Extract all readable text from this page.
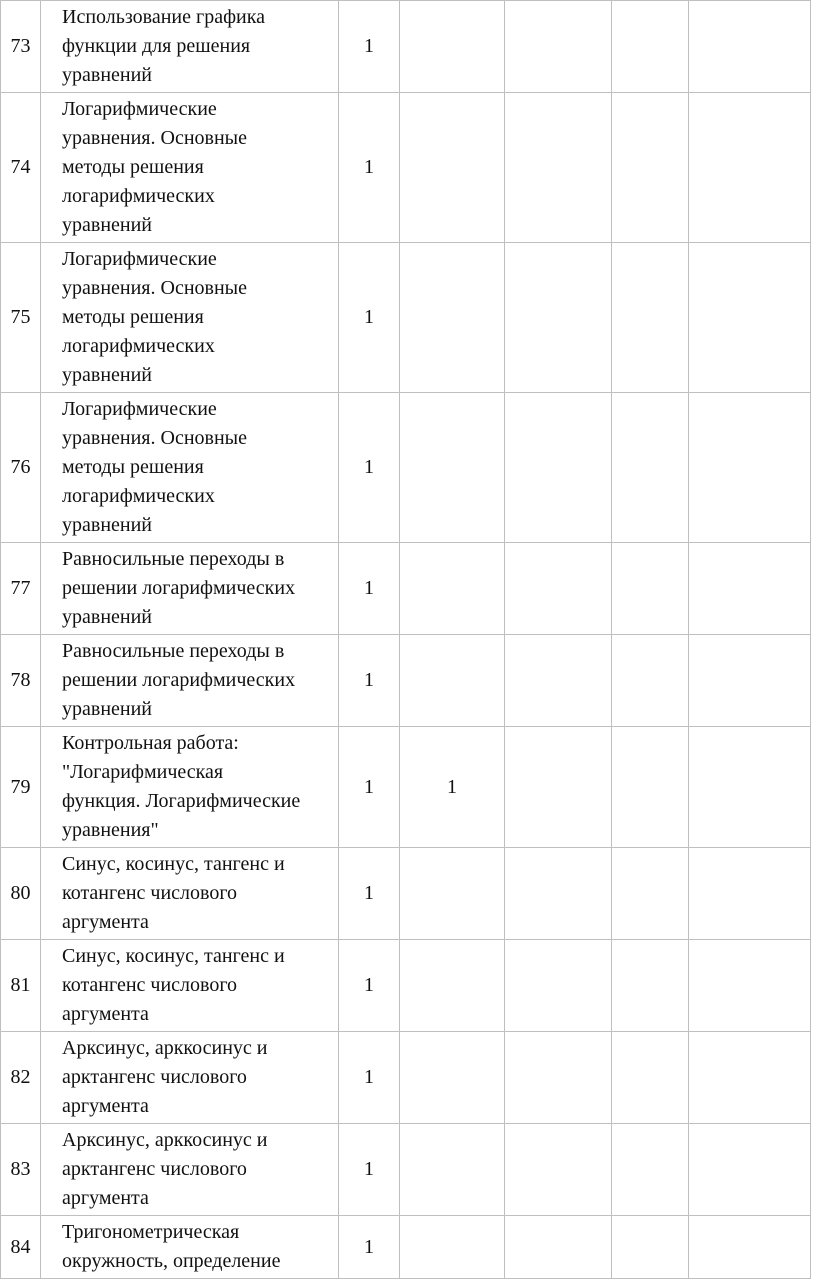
73	Использование графика
функции для решения
уравнений	1				
74	Логарифмические
уравнения. Основные
методы решения
логарифмических
уравнений	1				
75	Логарифмические
уравнения. Основные
методы решения
логарифмических
уравнений	1				
76	Логарифмические
уравнения. Основные
методы решения
логарифмических
уравнений	1				
77	Равносильные переходы в
решении логарифмических
уравнений	1				
78	Равносильные переходы в
решении логарифмических
уравнений	1				
79	Контрольная работа:
"Логарифмическая
функция. Логарифмические
уравнения"	1	1			
80	Синус, косинус, тангенс и
котангенс числового
аргумента	1				
81	Синус, косинус, тангенс и
котангенс числового
аргумента	1				
82	Арксинус, арккосинус и
арктангенс числового
аргумента	1				
83	Арксинус, арккосинус и
арктангенс числового
аргумента	1				
84	Тригонометрическая
окружность, определение	1				
